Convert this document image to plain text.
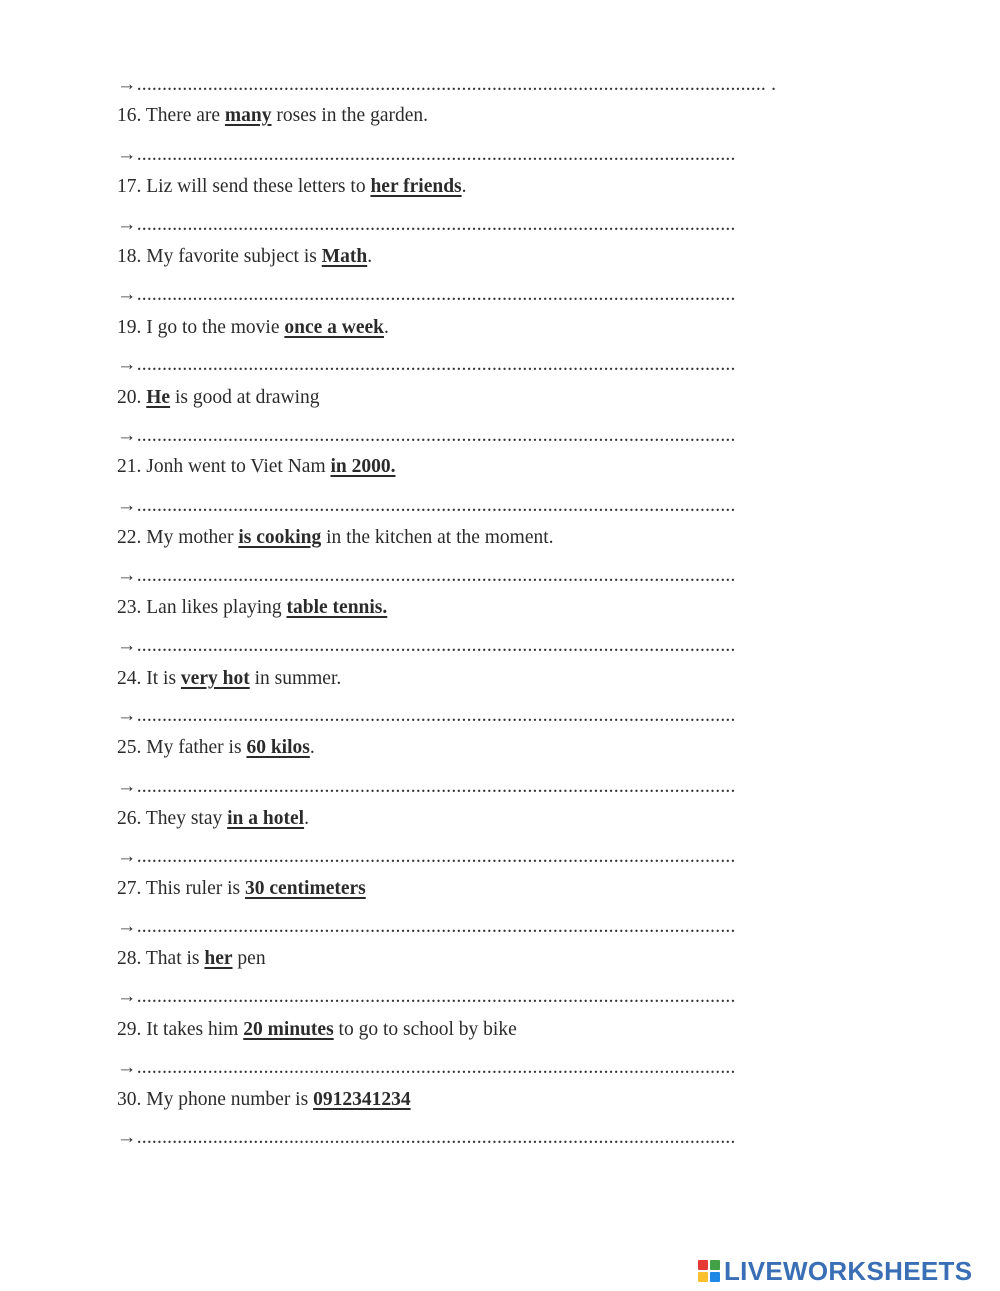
→............................................................................................................................ .
16. There are many roses in the garden.
→......................................................................................................................
17. Liz will send these letters to her friends.
→......................................................................................................................
18. My favorite subject is Math.
→......................................................................................................................
19. I go to the movie once a week.
→......................................................................................................................
20. He is good at drawing
→......................................................................................................................
21. Jonh went to Viet Nam in 2000.
→......................................................................................................................
22. My mother is cooking in the kitchen at the moment.
→......................................................................................................................
23. Lan likes playing table tennis.
→......................................................................................................................
24. It is very hot in summer.
→......................................................................................................................
25. My father is 60 kilos.
→......................................................................................................................
26. They stay in a hotel.
→......................................................................................................................
27. This ruler is 30 centimeters
→......................................................................................................................
28. That is her pen
→......................................................................................................................
29. It takes him 20 minutes to go to school by bike
→......................................................................................................................
30. My phone number is 0912341234
→......................................................................................................................
LIVEWORKSHEETS
